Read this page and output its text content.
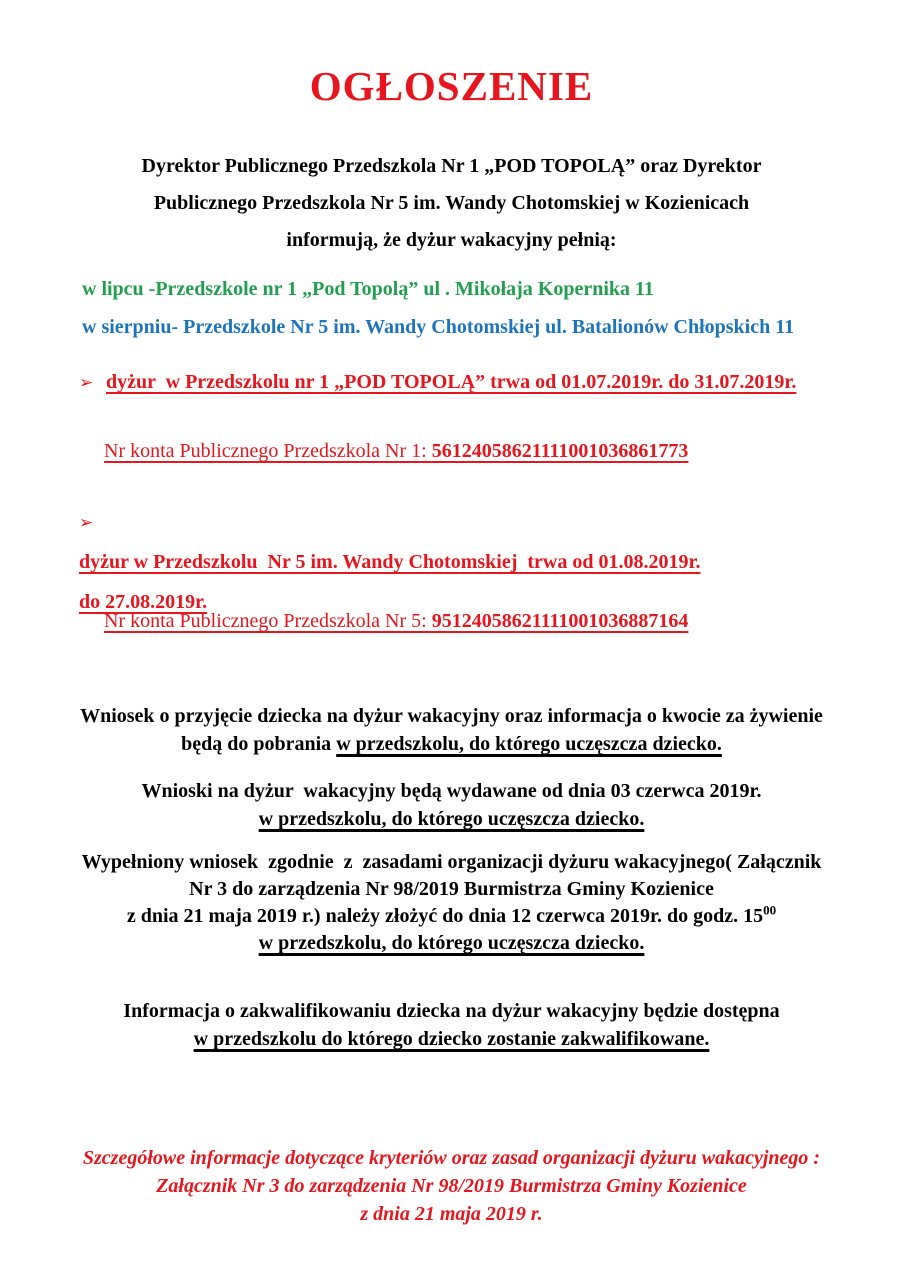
OGŁOSZENIE
Dyrektor Publicznego Przedszkola Nr 1 „POD TOPOLĄ” oraz Dyrektor
Publicznego Przedszkola Nr 5 im. Wandy Chotomskiej w Kozienicach
informują, że dyżur wakacyjny pełnią:
w lipcu -Przedszkole nr 1 „Pod Topolą” ul . Mikołaja Kopernika 11
w sierpniu- Przedszkole Nr 5 im. Wandy Chotomskiej ul. Batalionów Chłopskich 11
➢ dyżur  w Przedszkolu nr 1 „POD TOPOLĄ” trwa od 01.07.2019r. do 31.07.2019r.
Nr konta Publicznego Przedszkola Nr 1: 56124058621111001036861773
➢
dyżur w Przedszkolu  Nr 5 im. Wandy Chotomskiej  trwa od 01.08.2019r.
do 27.08.2019r.
Nr konta Publicznego Przedszkola Nr 5: 95124058621111001036887164
Wniosek o przyjęcie dziecka na dyżur wakacyjny oraz informacja o kwocie za żywienie
będą do pobrania w przedszkolu, do którego uczęszcza dziecko.
Wnioski na dyżur  wakacyjny będą wydawane od dnia 03 czerwca 2019r.
w przedszkolu, do którego uczęszcza dziecko.
Wypełniony wniosek  zgodnie  z  zasadami organizacji dyżuru wakacyjnego( Załącznik
Nr 3 do zarządzenia Nr 98/2019 Burmistrza Gminy Kozienice
z dnia 21 maja 2019 r.) należy złożyć do dnia 12 czerwca 2019r. do godz. $15^{00}$
w przedszkolu, do którego uczęszcza dziecko.
Informacja o zakwalifikowaniu dziecka na dyżur wakacyjny będzie dostępna
w przedszkolu do którego dziecko zostanie zakwalifikowane.
Szczegółowe informacje dotyczące kryteriów oraz zasad organizacji dyżuru wakacyjnego :
Załącznik Nr 3 do zarządzenia Nr 98/2019 Burmistrza Gminy Kozienice
z dnia 21 maja 2019 r.
